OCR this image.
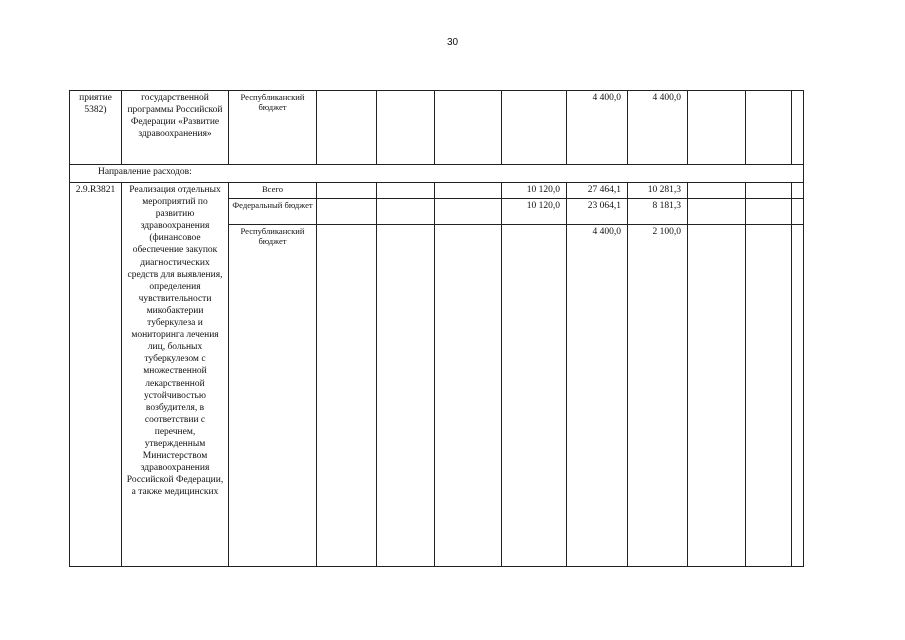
30
приятие 5382)	государственной программы Российской Федерации «Развитие здравоохранения»	Республиканский бюджет					4 400,0	4 400,0			
Направление расходов:											
2.9.R3821	Реализация отдельных мероприятий по развитию здравоохранения (финансовое обеспечение закупок диагностических средств для выявления, определения чувствительности микобактерии туберкулеза и мониторинга лечения лиц, больных туберкулезом с множественной лекарственной устойчивостью возбудителя, в соответствии с перечнем, утвержденным Министерством здравоохранения Российской Федерации, а также медицинских	Всего				10 120,0	27 464,1	10 281,3			
		Федеральный бюджет				10 120,0	23 064,1	8 181,3			
		Республиканский бюджет					4 400,0	2 100,0			
